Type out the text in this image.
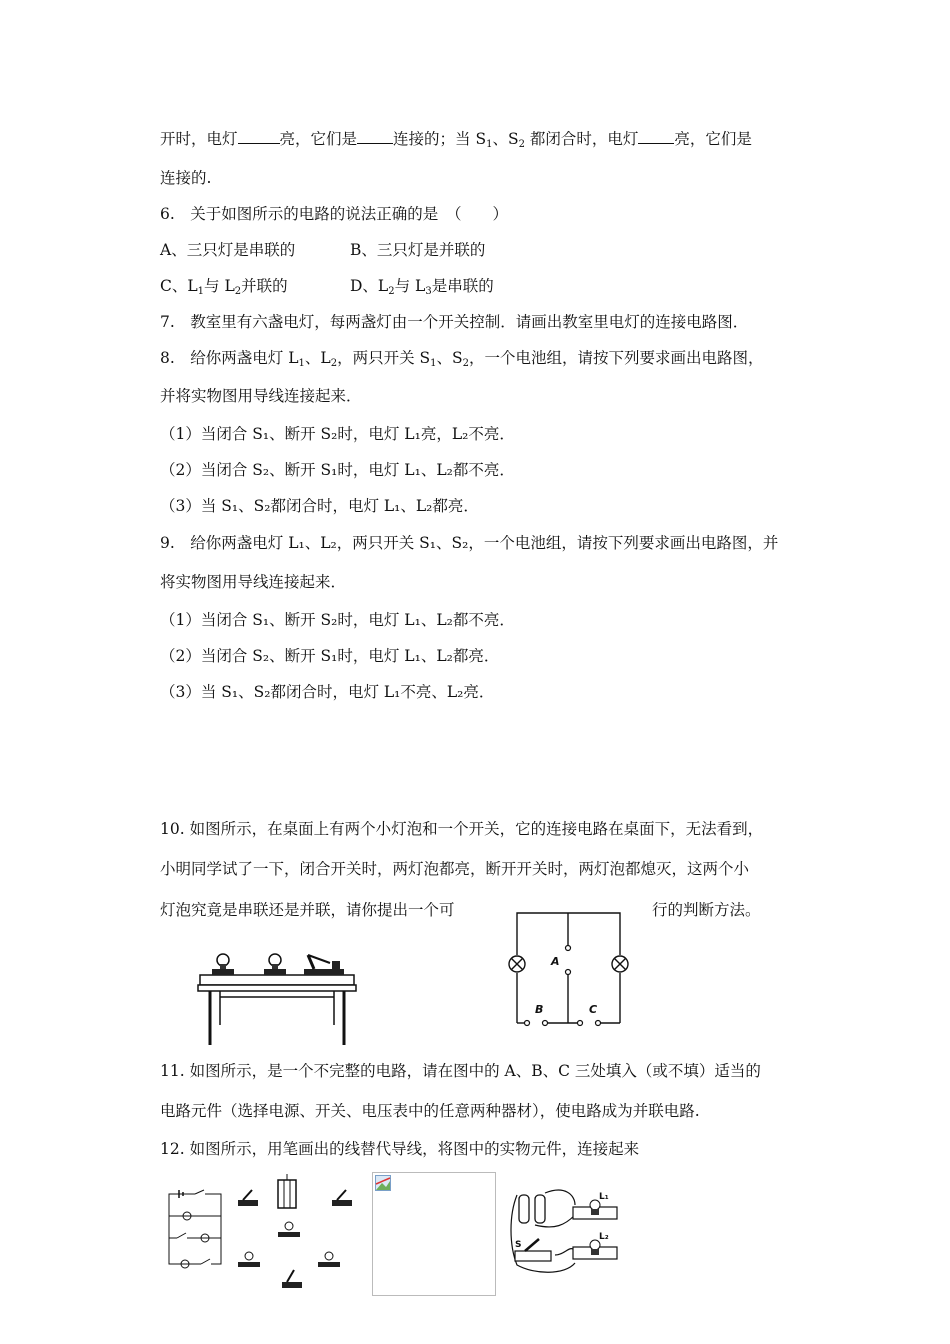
开时，电灯	亮，它们是 连接的；当 $S_1$、$S_2$ 都闭合时，电灯 亮，它们是
连接的.
6.　关于如图所示的电路的说法正确的是　（　　）
A、三只灯是串联的	B、三只灯是并联的
C、$L_1$与 $L_2$并联的	D、$L_2$与 $L_3$是串联的
7.　教室里有六盏电灯，每两盏灯由一个开关控制．请画出教室里电灯的连接电路图．
8.　给你两盏电灯 $L_1$、$L_2$，两只开关 $S_1$、$S_2$，一个电池组，请按下列要求画出电路图，
并将实物图用导线连接起来．
（1）当闭合 S₁、断开 S₂时，电灯 L₁亮，L₂不亮．
（2）当闭合 S₂、断开 S₁时，电灯 L₁、L₂都不亮．
（3）当 S₁、S₂都闭合时，电灯 L₁、L₂都亮．
9.　给你两盏电灯 L₁、L₂，两只开关 S₁、S₂，一个电池组，请按下列要求画出电路图，并
将实物图用导线连接起来．
（1）当闭合 S₁、断开 S₂时，电灯 L₁、L₂都不亮．
（2）当闭合 S₂、断开 S₁时，电灯 L₁、L₂都亮．
（3）当 S₁、S₂都闭合时，电灯 L₁不亮、L₂亮．
10. 如图所示，在桌面上有两个小灯泡和一个开关，它的连接电路在桌面下，无法看到，
小明同学试了一下，闭合开关时，两灯泡都亮，断开开关时，两灯泡都熄灭，这两个小
灯泡究竟是串联还是并联，请你提出一个可	行的判断方法。
A
B	C
11. 如图所示，是一个不完整的电路，请在图中的 A、B、C 三处填入（或不填）适当的
电路元件（选择电源、开关、电压表中的任意两种器材），使电路成为并联电路.
12. 如图所示，用笔画出的线替代导线，将图中的实物元件，连接起来
L₁
L₂
S
